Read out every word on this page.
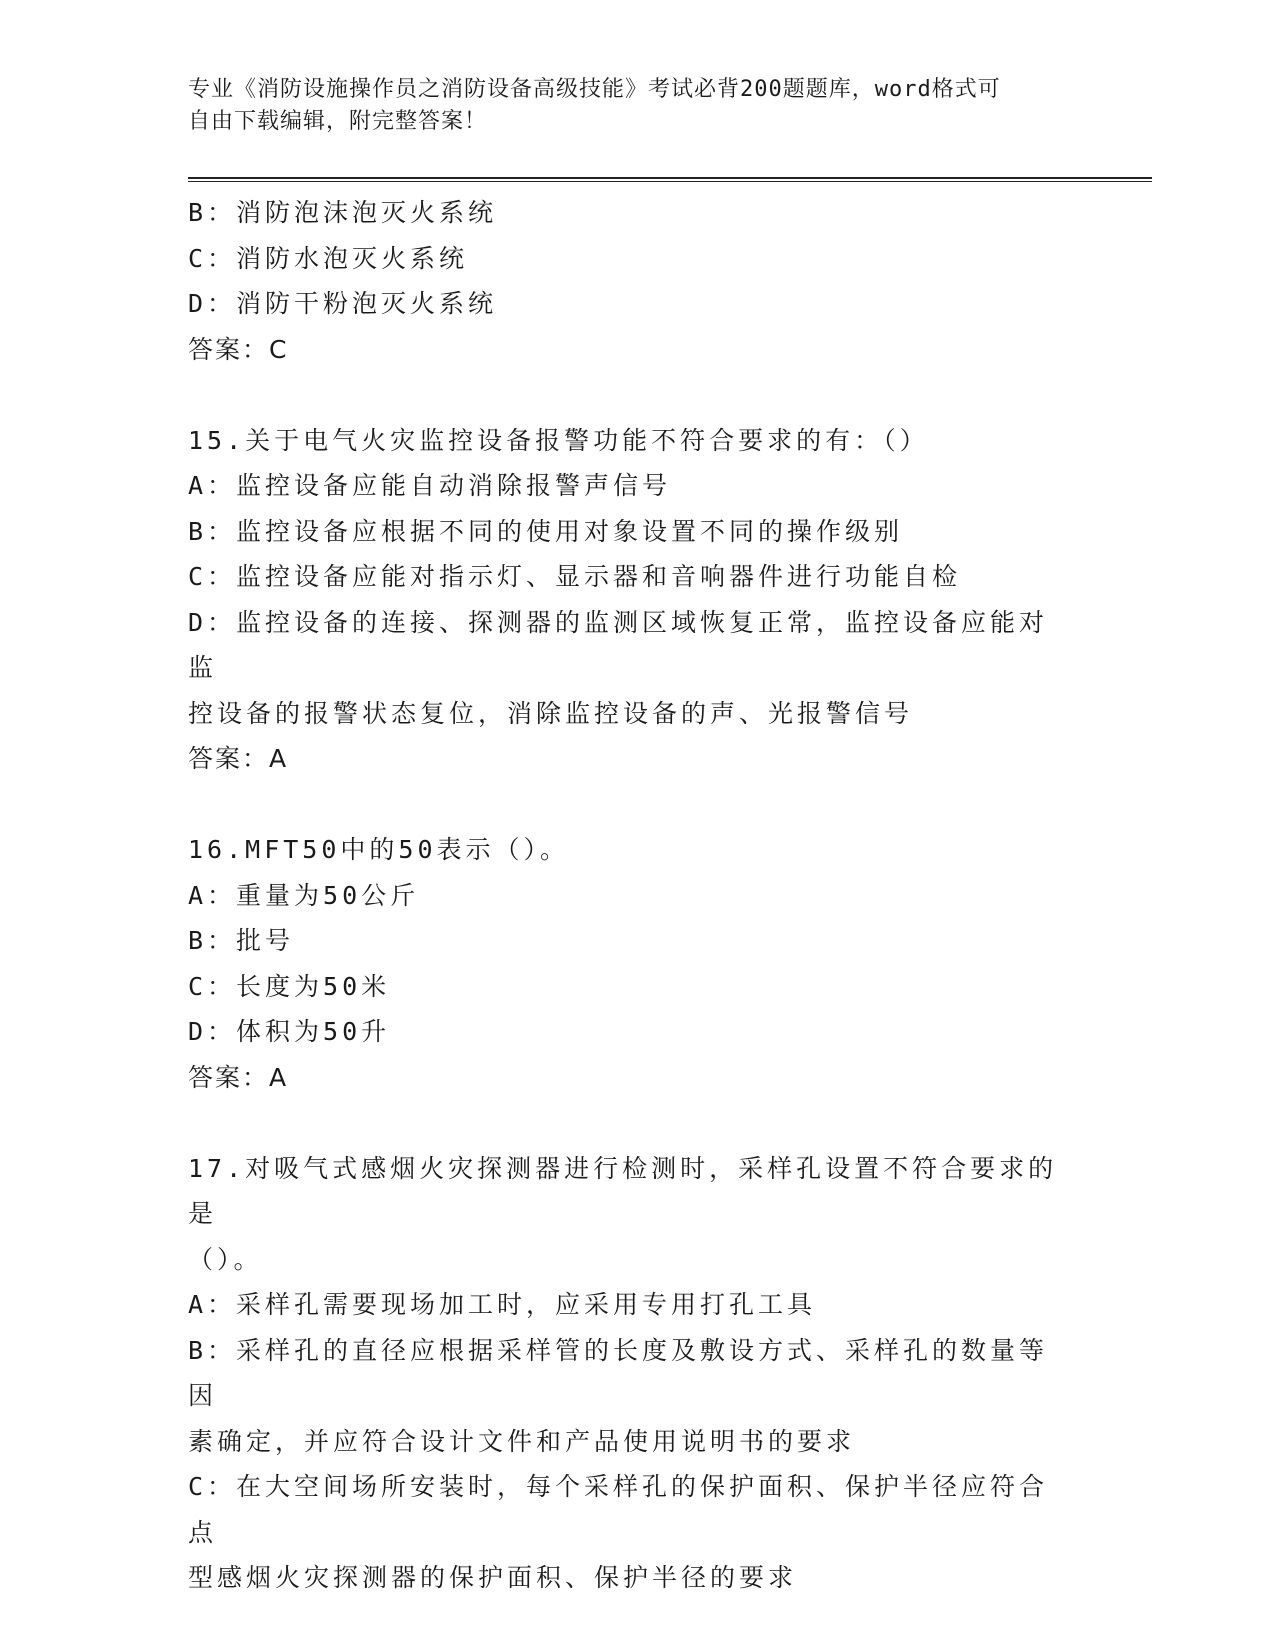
专业《消防设施操作员之消防设备高级技能》考试必背200题题库，word格式可
自由下载编辑，附完整答案！
B：消防泡沫泡灭火系统
C：消防水泡灭火系统
D：消防干粉泡灭火系统
答案：C
15.关于电气火灾监控设备报警功能不符合要求的有：（）
A：监控设备应能自动消除报警声信号
B：监控设备应根据不同的使用对象设置不同的操作级别
C：监控设备应能对指示灯、显示器和音响器件进行功能自检
D：监控设备的连接、探测器的监测区域恢复正常，监控设备应能对监
控设备的报警状态复位，消除监控设备的声、光报警信号
答案：A
16.MFT50中的50表示（）。
A：重量为50公斤
B：批号
C：长度为50米
D：体积为50升
答案：A
17.对吸气式感烟火灾探测器进行检测时，采样孔设置不符合要求的是
（）。
A：采样孔需要现场加工时，应采用专用打孔工具
B：采样孔的直径应根据采样管的长度及敷设方式、采样孔的数量等因
素确定，并应符合设计文件和产品使用说明书的要求
C：在大空间场所安装时，每个采样孔的保护面积、保护半径应符合点
型感烟火灾探测器的保护面积、保护半径的要求
